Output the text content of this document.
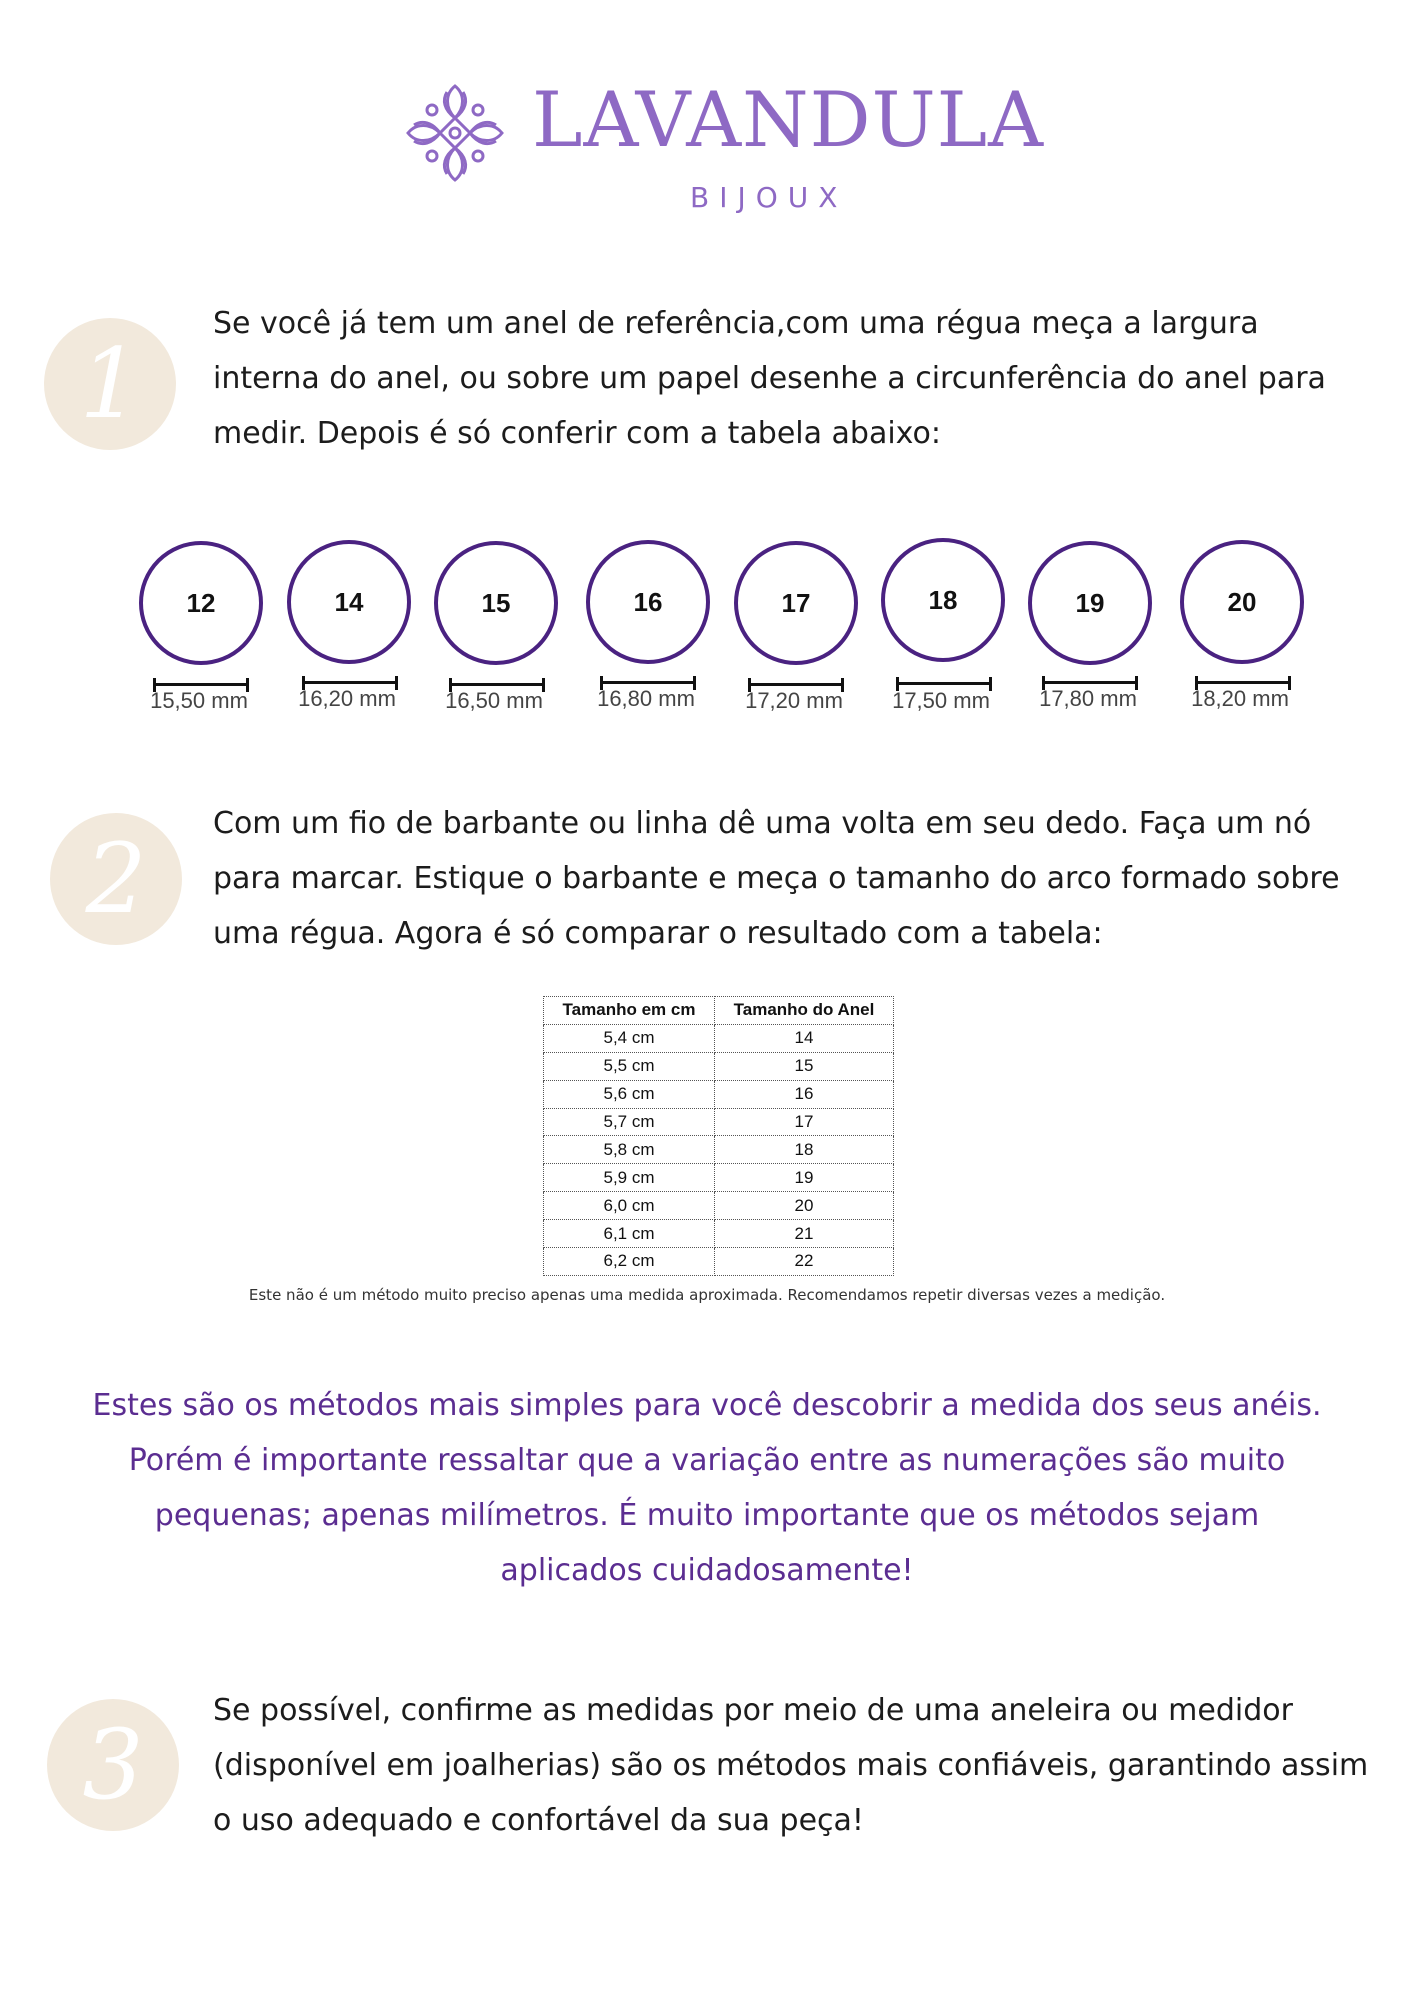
LAVANDULA
BIJOUX
1
Se você já tem um anel de referência,com uma régua meça a largura interna do anel, ou sobre um papel desenhe a circunferência do anel para medir. Depois é só conferir com a tabela abaixo:
12
15,50 mm
14
16,20 mm
15
16,50 mm
16
16,80 mm
17
17,20 mm
18
17,50 mm
19
17,80 mm
20
18,20 mm
2	Com um fio de barbante ou linha dê uma volta em seu dedo. Faça um nó para marcar. Estique o barbante e meça o tamanho do arco formado sobre uma régua. Agora é só comparar o resultado com a tabela:
Tamanho em cm	Tamanho do Anel
5,4 cm	14
5,5 cm	15
5,6 cm	16
5,7 cm	17
5,8 cm	18
5,9 cm	19
6,0 cm	20
6,1 cm	21
6,2 cm	22
Este não é um método muito preciso apenas uma medida aproximada. Recomendamos repetir diversas vezes a medição.
Estes são os métodos mais simples para você descobrir a medida dos seus anéis. Porém é importante ressaltar que a variação entre as numerações são muito pequenas; apenas milímetros. É muito importante que os métodos sejam aplicados cuidadosamente!
3	Se possível, confirme as medidas por meio de uma aneleira ou medidor (disponível em joalherias) são os métodos mais confiáveis, garantindo assim o uso adequado e confortável da sua peça!
